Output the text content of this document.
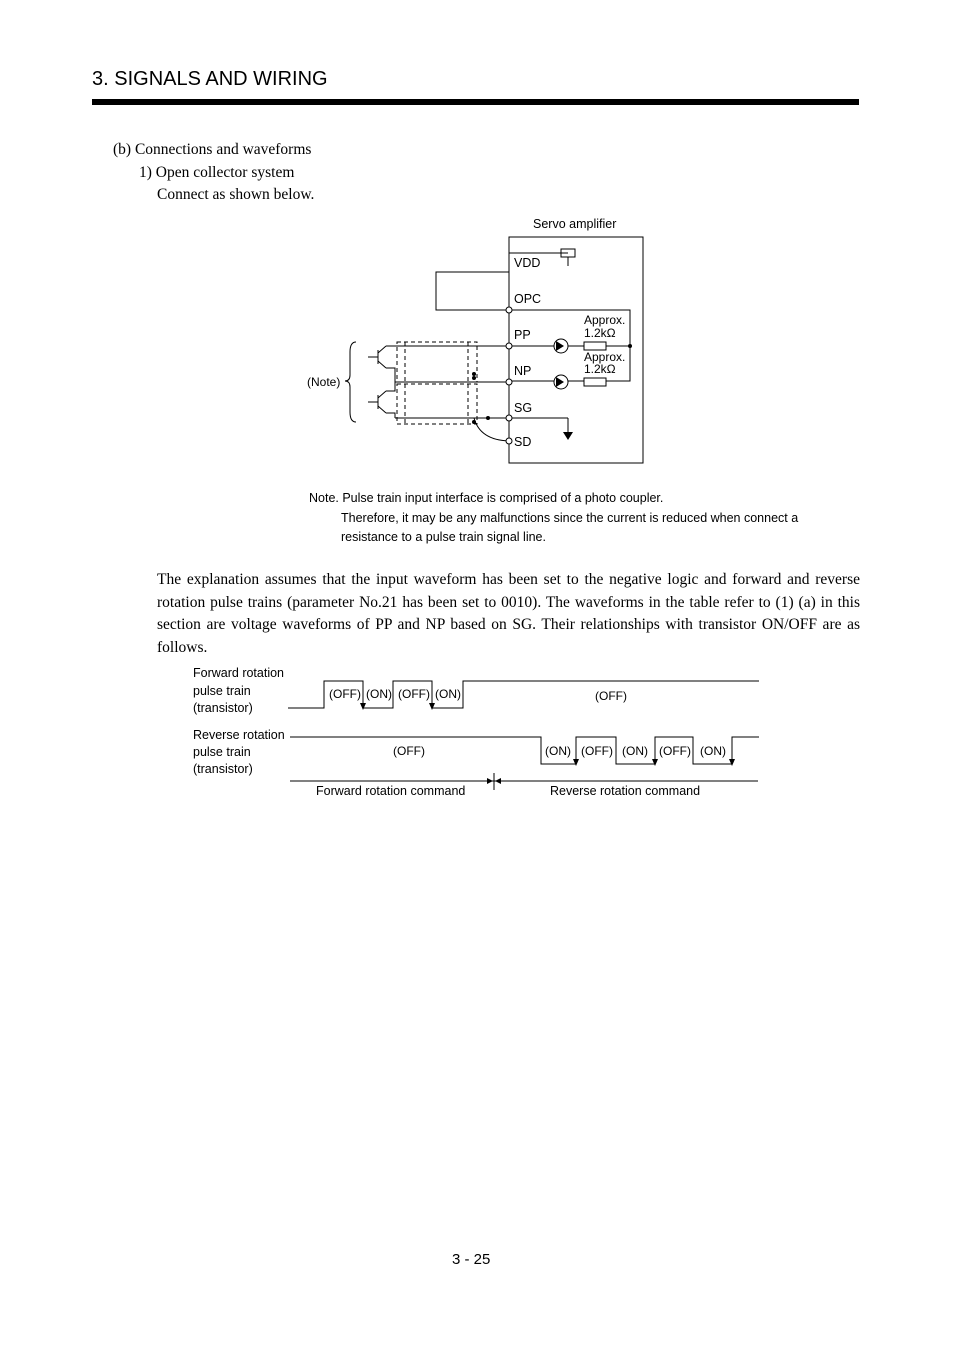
3. SIGNALS AND WIRING
(b) Connections and waveforms
1) Open collector system
Connect as shown below.
Servo amplifier
VDD
OPC
PP
NP
SG
SD
Approx.
1.2kΩ
Approx.
1.2kΩ
(Note)
Note. Pulse train input interface is comprised of a photo coupler.
Therefore, it may be any malfunctions since the current is reduced when connect a
resistance to a pulse train signal line.
The explanation assumes that the input waveform has been set to the negative logic and forward and reverse rotation pulse trains (parameter No.21 has been set to 0010). The waveforms in the table refer to (1) (a) in this section are voltage waveforms of PP and NP based on SG. Their relationships with transistor ON/OFF are as follows.
Forward rotation
pulse train
(transistor)
Reverse rotation
pulse train
(transistor)
(OFF) (ON) (OFF) (ON)	(OFF)
(OFF)	(ON) (OFF) (ON) (OFF) (ON)
Forward rotation command	Reverse rotation command
3 - 25
